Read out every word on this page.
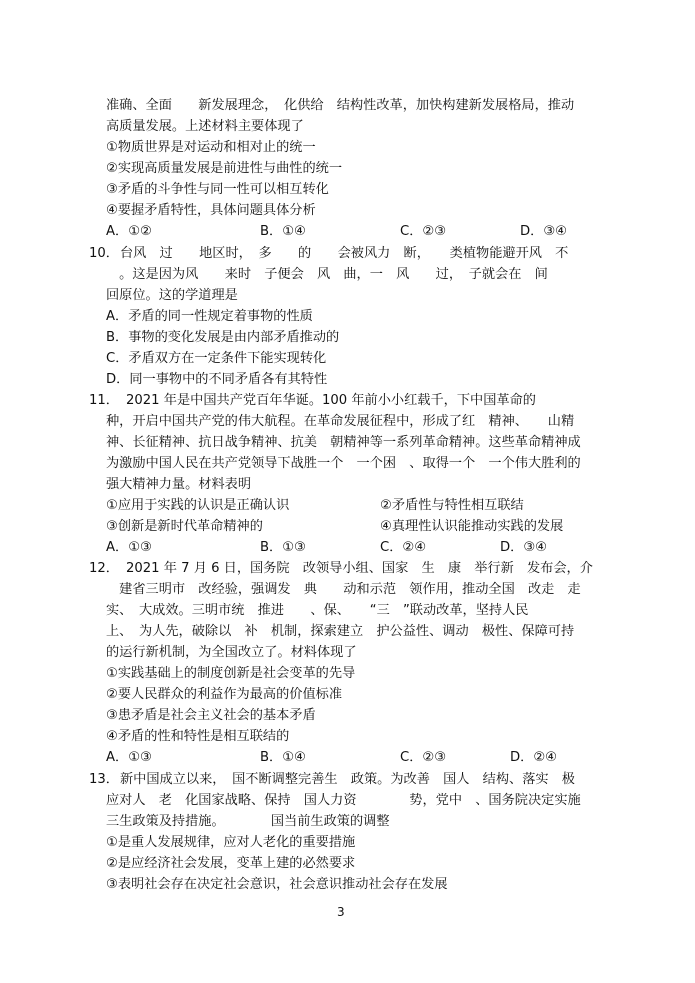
准确、全面　　新发展理念，　化供给　结构性改革，加快构建新发展格局，推动
高质量发展。上述材料主要体现了
①物质世界是对运动和相对止的统一
②实现高质量发展是前进性与曲性的统一
③矛盾的斗争性与同一性可以相互转化
④要握矛盾特性，具体问题具体分析
A．①②	B．①④	C．②③	D．③④
10． 台风　过　　地区时，　多　　的　　会被风力　断，　　类植物能避开风　不
　。这是因为风　　来时　子便会　风　曲，一　风　　过，　子就会在　间
回原位。这的学道理是
A．矛盾的同一性规定着事物的性质
B．事物的变化发展是由内部矛盾推动的
C．矛盾双方在一定条件下能实现转化
D．同一事物中的不同矛盾各有其特性
11． 2021 年是中国共产党百年华诞。100 年前小小红载千，下中国革命的
种，开启中国共产党的伟大航程。在革命发展征程中，形成了红　精神、　　山精
神、长征精神、抗日战争精神、抗美　朝精神等一系列革命精神。这些革命精神成
为激励中国人民在共产党领导下战胜一个　一个困　、取得一个　一个伟大胜利的
强大精神力量。材料表明
①应用于实践的认识是正确认识	②矛盾性与特性相互联结
③创新是新时代革命精神的	④真理性认识能推动实践的发展
A．①③	B．①③	C．②④	D．③④
12． 2021 年 7 月 6 日，国务院　改领导小组、国家　生　康　举行新　发布会，介
　建省三明市　改经验，强调发　典　　动和示范　领作用，推动全国　改走　走
实、　大成效。三明市统　推进　　、保、　　“三　”联动改革，坚持人民
上、　为人先，破除以　补　机制，探索建立　护公益性、调动　极性、保障可持
的运行新机制，为全国改立了。材料体现了
①实践基础上的制度创新是社会变革的先导
②要人民群众的利益作为最高的价值标准
③患矛盾是社会主义社会的基本矛盾
④矛盾的性和特性是相互联结的
A．①③	B．①④	C．②③	D．②④
13． 新中国成立以来，　国不断调整完善生　政策。为改善　国人　结构、落实　极
应对人　老　化国家战略、保持　国人力资　　　　势，党中　、国务院决定实施
三生政策及持措施。　　　　国当前生政策的调整
①是重人发展规律，应对人老化的重要措施
②是应经济社会发展，变革上建的必然要求
③表明社会存在决定社会意识，社会意识推动社会存在发展
3
